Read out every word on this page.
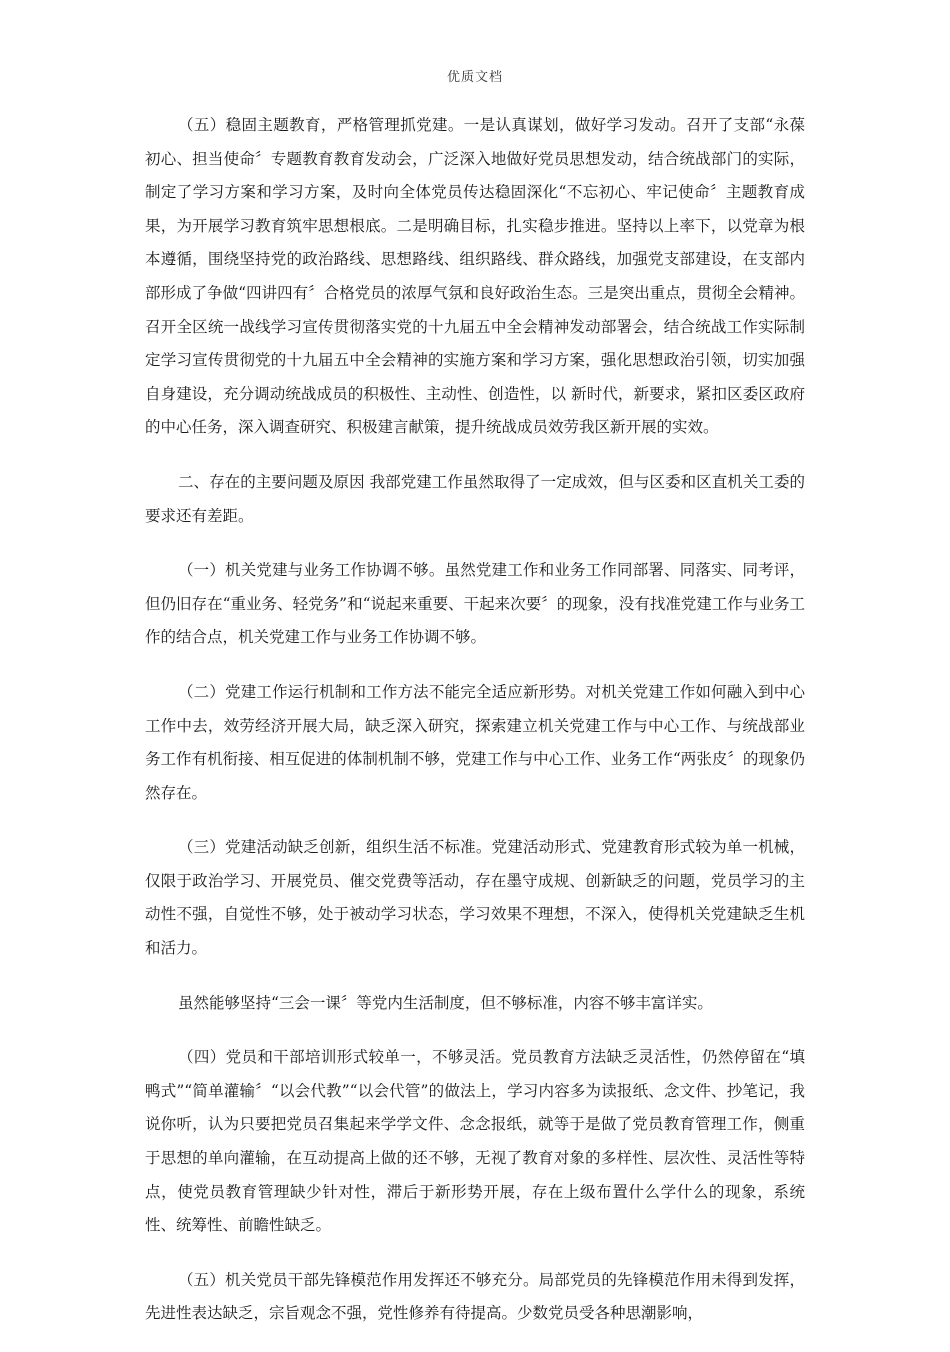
优质文档

（五）稳固主题教育，严格管理抓党建。一是认真谋划，做好学习发动。召开了支部“永葆初心、担当使命〞专题教育教育发动会，广泛深入地做好党员思想发动，结合统战部门的实际，制定了学习方案和学习方案，及时向全体党员传达稳固深化“不忘初心、牢记使命〞主题教育成果，为开展学习教育筑牢思想根底。二是明确目标，扎实稳步推进。坚持以上率下，以党章为根本遵循，围绕坚持党的政治路线、思想路线、组织路线、群众路线，加强党支部建设，在支部内部形成了争做“四讲四有〞合格党员的浓厚气氛和良好政治生态。三是突出重点，贯彻全会精神。召开全区统一战线学习宣传贯彻落实党的十九届五中全会精神发动部署会，结合统战工作实际制定学习宣传贯彻党的十九届五中全会精神的实施方案和学习方案，强化思想政治引领，切实加强自身建设，充分调动统战成员的积极性、主动性、创造性，以 新时代，新要求，紧扣区委区政府的中心任务，深入调查研究、积极建言献策，提升统战成员效劳我区新开展的实效。

二、存在的主要问题及原因 我部党建工作虽然取得了一定成效，但与区委和区直机关工委的要求还有差距。

（一）机关党建与业务工作协调不够。虽然党建工作和业务工作同部署、同落实、同考评，但仍旧存在“重业务、轻党务”和“说起来重要、干起来次要〞的现象，没有找准党建工作与业务工作的结合点，机关党建工作与业务工作协调不够。

（二）党建工作运行机制和工作方法不能完全适应新形势。对机关党建工作如何融入到中心工作中去，效劳经济开展大局，缺乏深入研究，探索建立机关党建工作与中心工作、与统战部业务工作有机衔接、相互促进的体制机制不够，党建工作与中心工作、业务工作“两张皮〞的现象仍然存在。

（三）党建活动缺乏创新，组织生活不标准。党建活动形式、党建教育形式较为单一机械，仅限于政治学习、开展党员、催交党费等活动，存在墨守成规、创新缺乏的问题，党员学习的主动性不强，自觉性不够，处于被动学习状态，学习效果不理想，不深入，使得机关党建缺乏生机和活力。

虽然能够坚持“三会一课〞等党内生活制度，但不够标准，内容不够丰富详实。

（四）党员和干部培训形式较单一，不够灵活。党员教育方法缺乏灵活性，仍然停留在“填鸭式”“简单灌输〞“以会代教”“以会代管”的做法上，学习内容多为读报纸、念文件、抄笔记，我说你听，认为只要把党员召集起来学学文件、念念报纸，就等于是做了党员教育管理工作，侧重于思想的单向灌输，在互动提高上做的还不够，无视了教育对象的多样性、层次性、灵活性等特点，使党员教育管理缺少针对性，滞后于新形势开展，存在上级布置什么学什么的现象，系统性、统筹性、前瞻性缺乏。

（五）机关党员干部先锋模范作用发挥还不够充分。局部党员的先锋模范作用未得到发挥，先进性表达缺乏，宗旨观念不强，党性修养有待提高。少数党员受各种思潮影响，
